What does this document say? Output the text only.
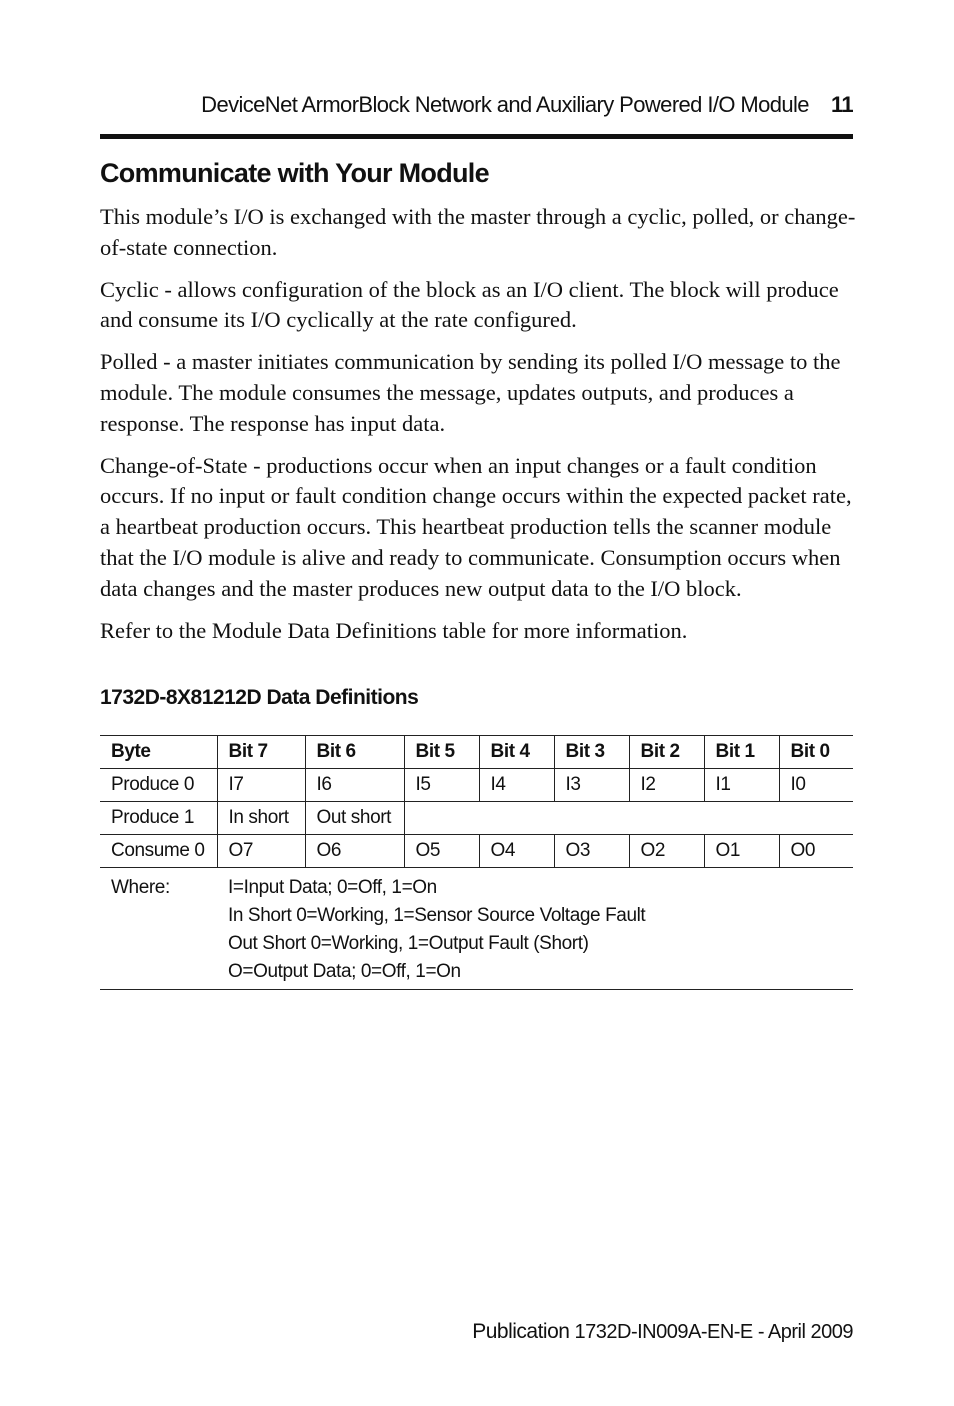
DeviceNet ArmorBlock Network and Auxiliary Powered I/O Module 11
Communicate with Your Module

This module’s I/O is exchanged with the master through a cyclic, polled, or change-of-state connection.

Cyclic - allows configuration of the block as an I/O client. The block will produce and consume its I/O cyclically at the rate configured.

Polled - a master initiates communication by sending its polled I/O message to the module. The module consumes the message, updates outputs, and produces a response. The response has input data.

Change-of-State - productions occur when an input changes or a fault condition occurs. If no input or fault condition change occurs within the expected packet rate, a heartbeat production occurs. This heartbeat production tells the scanner module that the I/O module is alive and ready to communicate. Consumption occurs when data changes and the master produces new output data to the I/O block.

Refer to the Module Data Definitions table for more information.

1732D-8X81212D Data Definitions
Byte	Bit 7	Bit 6	Bit 5	Bit 4	Bit 3	Bit 2	Bit 1	Bit 0
Produce 0	I7	I6	I5	I4	I3	I2	I1	I0
Produce 1	In short	Out short						
Consume 0	O7	O6	O5	O4	O3	O2	O1	O0
Where:	I=Input Data; 0=Off, 1=On
In Short 0=Working, 1=Sensor Source Voltage Fault
Out Short 0=Working, 1=Output Fault (Short)
O=Output Data; 0=Off, 1=On							
Publication 1732D-IN009A-EN-E - April 2009
